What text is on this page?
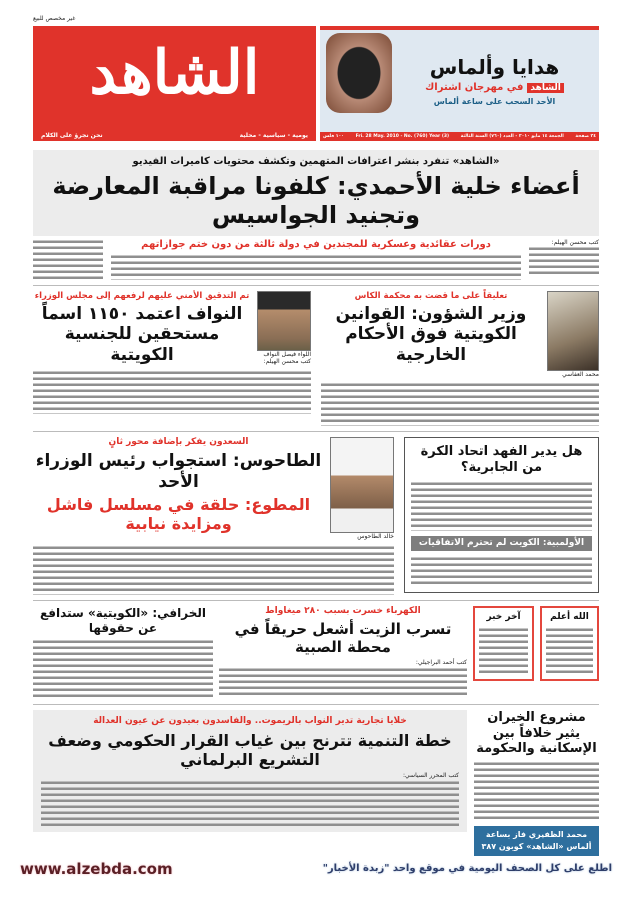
غير مخصص للبيع
هدايا وألماس
الشاهد
في مهرجان اشتراك
الأحد السحب على ساعة ألماس
٢٤ صفحة
الجمعة ١٤ مايو ٢٠١٠ - العدد (٧٦٠) السنة الثالثة
Fri. 28 May. 2010 - No. (760) Year (3)
١٠٠ فلس
الشاهد
يومية - سياسية - محلية
نحن نجرؤ على الكلام
«الشاهد» تنفرد بنشر اعترافات المتهمين وتكشف محتويات كاميرات الفيديو
أعضاء خلية الأحمدي: كلفونا مراقبة المعارضة وتجنيد الجواسيس
كتب محسن الهيلم:
دورات عقائدية وعسكرية للمجندين في دولة ثالثة من دون ختم جوازاتهم
محمد العفاسي
تعليقاً على ما قضت به محكمة الكاس
وزير الشؤون: القوانين الكويتية فوق الأحكام الخارجية
اللواء فيصل النواف
كتب محسن الهيلم:
تم التدقيق الأمني عليهم لرفعهم إلى مجلس الوزراء
النواف اعتمد ١١٥٠ اسماً مستحقين للجنسية الكويتية
هل يدير الفهد اتحاد الكرة من الجابرية؟
الأولمبية: الكويت لم تحترم الاتفاقيات
خالد الطاحوس
السعدون يفكر بإضافة محور ثانٍ
الطاحوس: استجواب رئيس الوزراء الأحد
المطوع: حلقة في مسلسل فاشل ومزايدة نيابية
الله أعلم
آخر خبر
الكهرباء خسرت بسبب ٢٨٠ ميغاواط
تسرب الزيت أشعل حريقاً في محطة الصبية
كتب أحمد البراجيلي:
الخرافي: «الكويتية» ستدافع عن حقوقها
مشروع الخيران يثير خلافاً بين الإسكانية والحكومة
محمد الظفيري فاز بساعة
ألماس «الشاهد» كوبون ٣٨٧
خلايا تجارية تدير النواب بالريموت.. والفاسدون بعيدون عن عيون العدالة
خطة التنمية تترنح بين غياب القرار الحكومي وضعف التشريع البرلماني
كتب المحرر السياسي:
اطلع على كل الصحف اليومية في موقع واحد "زبدة الأخبار"
www.alzebda.com
